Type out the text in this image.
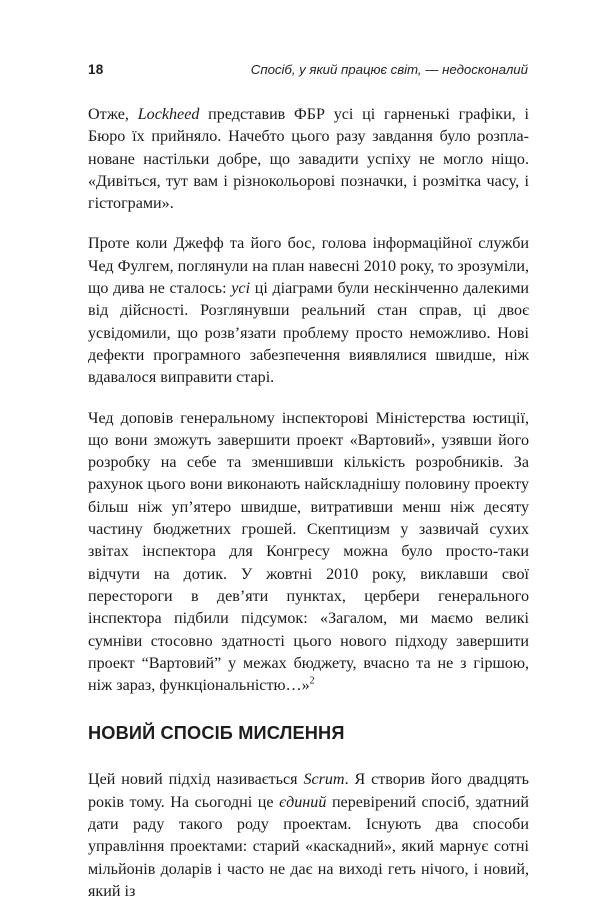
18	Спосіб, у який працює світ, — недосконалий

Отже, Lockheed представив ФБР усі ці гарненькі графіки, і Бюро їх прийняло. Начебто цього разу завдання було розплановане настільки добре, що завадити успіху не могло ніщо. «Дивіться, тут вам і різнокольорові позначки, і розмітка часу, і гістограми».

Проте коли Джефф та його бос, голова інформаційної служби Чед Фулгем, поглянули на план навесні 2010 року, то зрозуміли, що дива не сталось: усі ці діаграми були нескінченно далекими від дійсності. Розглянувши реальний стан справ, ці двоє усвідомили, що розв’язати проблему просто неможливо. Нові дефекти програмного забезпечення виявлялися швидше, ніж вдавалося виправити старі.

Чед доповів генеральному інспекторові Міністерства юстиції, що вони зможуть завершити проект «Вартовий», узявши його розробку на себе та зменшивши кількість розробників. За рахунок цього вони виконають найскладнішу половину проекту більш ніж уп’ятеро швидше, витративши менш ніж десяту частину бюджетних грошей. Скептицизм у зазвичай сухих звітах інспектора для Конгресу можна було просто-таки відчути на дотик. У жовтні 2010 року, виклавши свої перестороги в дев’яти пунктах, цербери генерального інспектора підбили підсумок: «Загалом, ми маємо великі сумніви стосовно здатності цього нового підходу завершити проект “Вартовий” у межах бюджету, вчасно та не з гіршою, ніж зараз, функціональністю…»$^2$

НОВИЙ СПОСІБ МИСЛЕННЯ

Цей новий підхід називається Scrum. Я створив його двадцять років тому. На сьогодні це єдиний перевірений спосіб, здатний дати раду такого роду проектам. Існують два способи управління проектами: старий «каскадний», який марнує сотні мільйонів доларів і часто не дає на виході геть нічого, і новий, який із
